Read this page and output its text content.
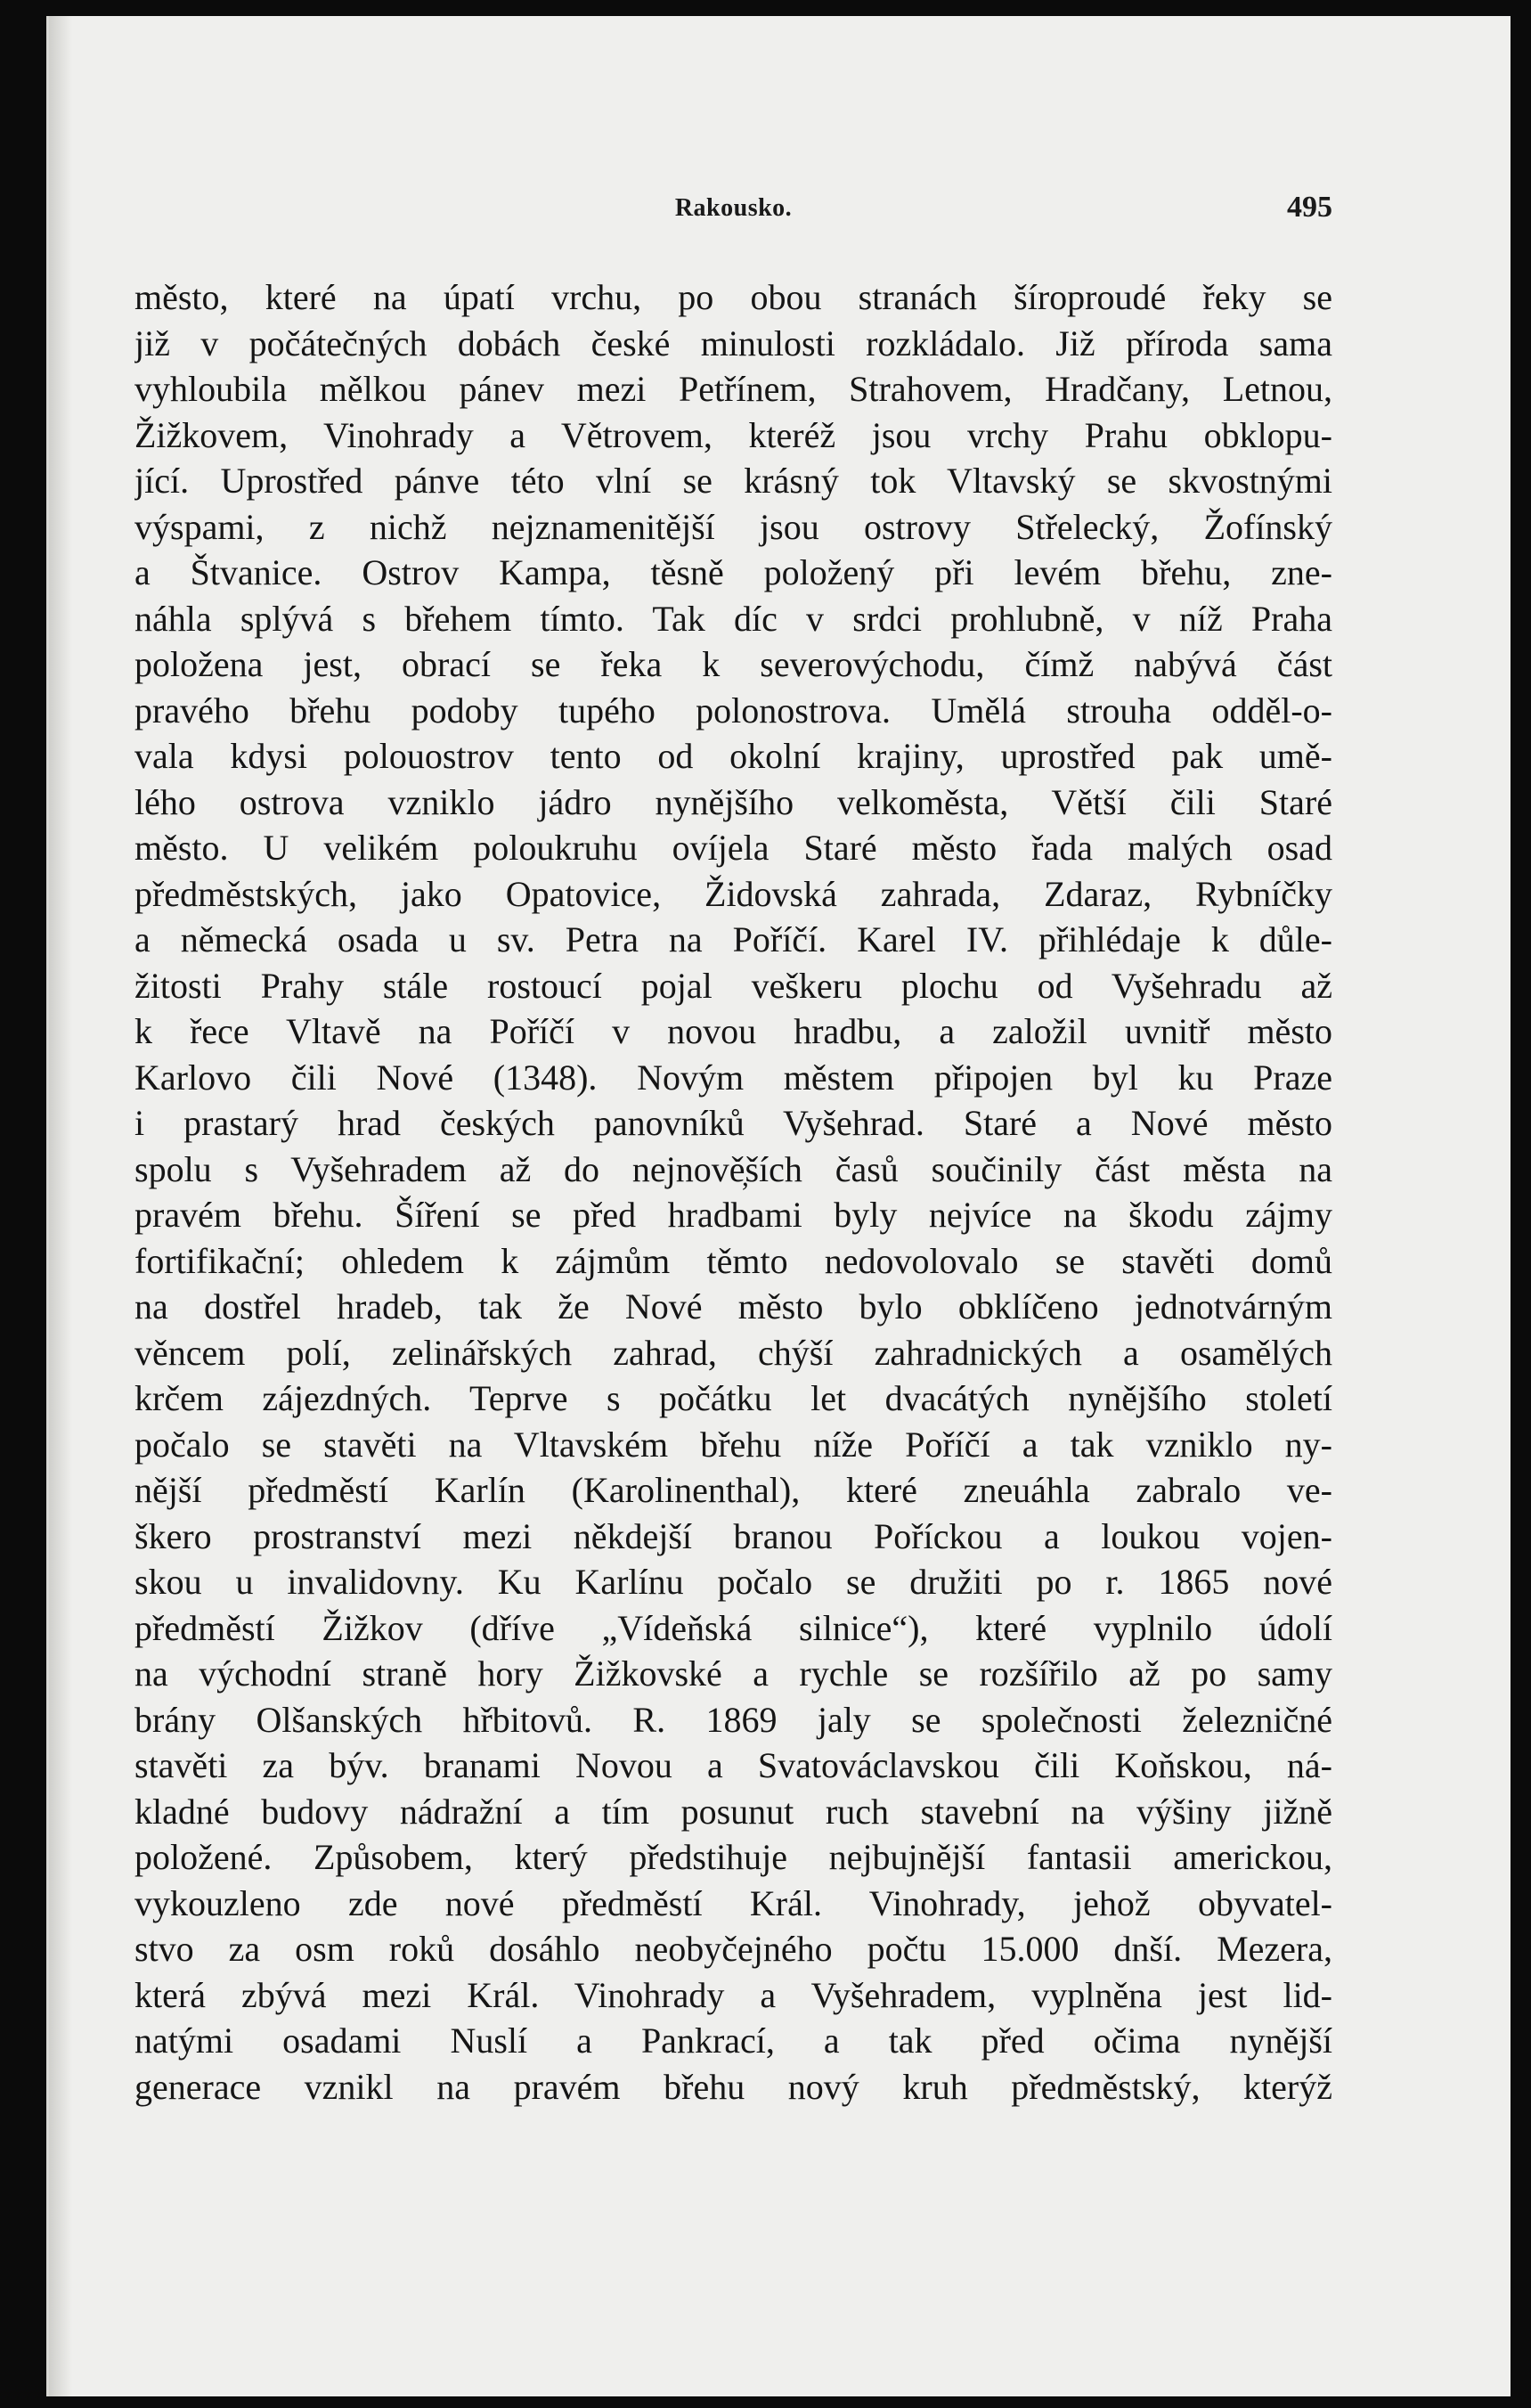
Rakousko.	495
město, které na úpatí vrchu, po obou stranách šíroproudé řeky se
již v počátečných dobách české minulosti rozkládalo. Již příroda sama
vyhloubila mělkou pánev mezi Petřínem, Strahovem, Hradčany, Letnou,
Žižkovem, Vinohrady a Větrovem, kteréž jsou vrchy Prahu obklopu-
jící. Uprostřed pánve této vlní se krásný tok Vltavský se skvostnými
výspami, z nichž nejznamenitější jsou ostrovy Střelecký, Žofínský
a Štvanice. Ostrov Kampa, těsně položený při levém břehu, zne-
náhla splývá s břehem tímto. Tak díc v srdci prohlubně, v níž Praha
položena jest, obrací se řeka k severovýchodu, čímž nabývá část
pravého břehu podoby tupého polonostrova. Umělá strouha odděl‐o-
vala kdysi polouostrov tento od okolní krajiny, uprostřed pak umě-
lého ostrova vzniklo jádro nynějšího velkoměsta, Větší čili Staré
město. U velikém poloukruhu ovíjela Staré město řada malých osad
předměstských, jako Opatovice, Židovská zahrada, Zdaraz, Rybníčky
a německá osada u sv. Petra na Poříčí. Karel IV. přihlédaje k důle-
žitosti Prahy stále rostoucí pojal veškeru plochu od Vyšehradu až
k řece Vltavě na Poříčí v novou hradbu, a založil uvnitř město
Karlovo čili Nové (1348). Novým městem připojen byl ku Praze
i prastarý hrad českých panovníků Vyšehrad. Staré a Nové město
spolu s Vyšehradem až do nejnově̦ších časů součinily část města na
pravém břehu. Šíření se před hradbami byly nejvíce na škodu zájmy
fortifikační; ohledem k zájmům těmto nedovolovalo se stavěti domů
na dostřel hradeb, tak že Nové město bylo obklíčeno jednotvárným
věncem polí, zelinářských zahrad, chýší zahradnických a osamělých
krčem zájezdných. Teprve s počátku let dvacátých nynějšího století
počalo se stavěti na Vltavském břehu níže Poříčí a tak vzniklo ny-
nější předměstí Karlín (Karolinenthal), které zneuáhla zabralo ve-
škero prostranství mezi někdejší branou Poříckou a loukou vojen-
skou u invalidovny. Ku Karlínu počalo se družiti po r. 1865 nové
předměstí Žižkov (dříve „Vídeňská silnice“), které vyplnilo údolí
na východní straně hory Žižkovské a rychle se rozšířilo až po samy
brány Olšanských hřbitovů. R. 1869 jaly se společnosti železničné
stavěti za býv. branami Novou a Svatováclavskou čili Koňskou, ná-
kladné budovy nádražní a tím posunut ruch stavební na výšiny jižně
položené. Způsobem, který předstihuje nejbujnější fantasii americkou,
vykouzleno zde nové předměstí Král. Vinohrady, jehož obyvatel-
stvo za osm roků dosáhlo neobyčejného počtu 15.000 dnší. Mezera,
která zbývá mezi Král. Vinohrady a Vyšehradem, vyplněna jest lid-
natými osadami Nuslí a Pankrací, a tak před očima nynější
generace vznikl na pravém břehu nový kruh předměstský, kterýž
